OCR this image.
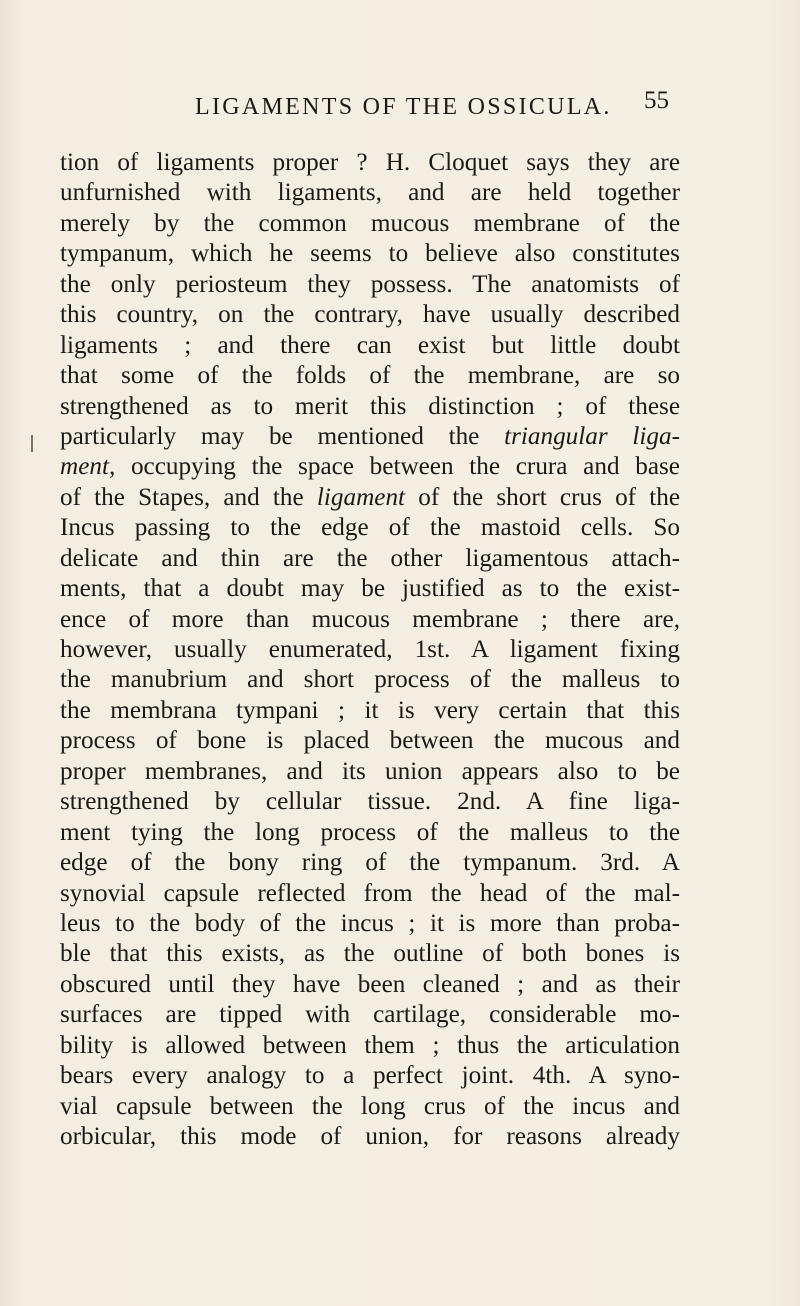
LIGAMENTS OF THE OSSICULA. 55
tion of ligaments proper ? H. Cloquet says they are
unfurnished with ligaments, and are held together
merely by the common mucous membrane of the
tympanum, which he seems to believe also constitutes
the only periosteum they possess. The anatomists of
this country, on the contrary, have usually described
ligaments ; and there can exist but little doubt
that some of the folds of the membrane, are so
strengthened as to merit this distinction ; of these
particularly may be mentioned the triangular liga-
ment, occupying the space between the crura and base
of the Stapes, and the ligament of the short crus of the
Incus passing to the edge of the mastoid cells. So
delicate and thin are the other ligamentous attach-
ments, that a doubt may be justified as to the exist-
ence of more than mucous membrane ; there are,
however, usually enumerated, 1st. A ligament fixing
the manubrium and short process of the malleus to
the membrana tympani ; it is very certain that this
process of bone is placed between the mucous and
proper membranes, and its union appears also to be
strengthened by cellular tissue. 2nd. A fine liga-
ment tying the long process of the malleus to the
edge of the bony ring of the tympanum. 3rd. A
synovial capsule reflected from the head of the mal-
leus to the body of the incus ; it is more than proba-
ble that this exists, as the outline of both bones is
obscured until they have been cleaned ; and as their
surfaces are tipped with cartilage, considerable mo-
bility is allowed between them ; thus the articulation
bears every analogy to a perfect joint. 4th. A syno-
vial capsule between the long crus of the incus and
orbicular, this mode of union, for reasons already
